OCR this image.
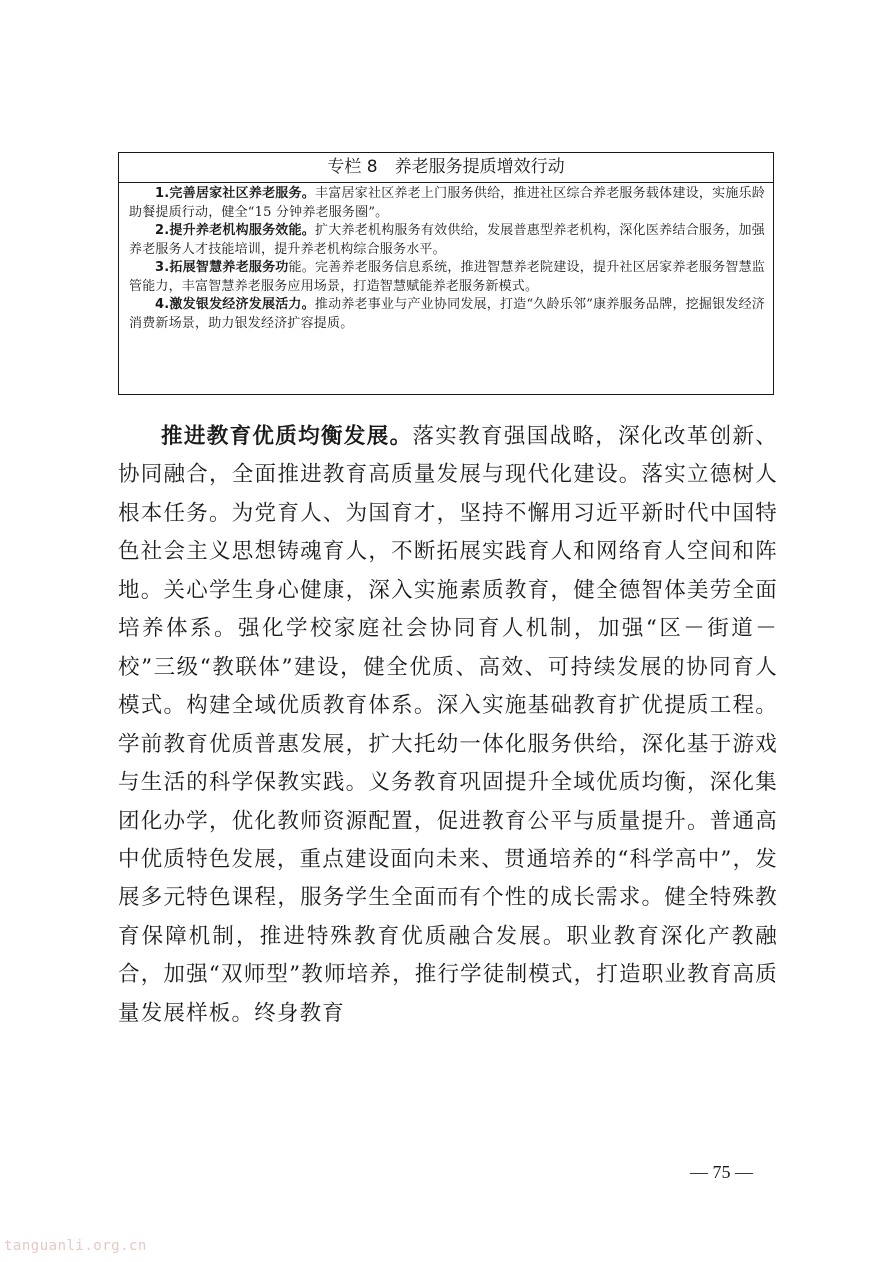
专栏 8　养老服务提质增效行动

1.完善居家社区养老服务。丰富居家社区养老上门服务供给，推进社区综合养老服务载体建设，实施乐龄助餐提质行动，健全“15 分钟养老服务圈”。

2.提升养老机构服务效能。扩大养老机构服务有效供给，发展普惠型养老机构，深化医养结合服务，加强养老服务人才技能培训，提升养老机构综合服务水平。

3.拓展智慧养老服务功能。完善养老服务信息系统，推进智慧养老院建设，提升社区居家养老服务智慧监管能力，丰富智慧养老服务应用场景，打造智慧赋能养老服务新模式。

4.激发银发经济发展活力。推动养老事业与产业协同发展，打造“久龄乐邻”康养服务品牌，挖掘银发经济消费新场景，助力银发经济扩容提质。

推进教育优质均衡发展。落实教育强国战略，深化改革创新、协同融合，全面推进教育高质量发展与现代化建设。落实立德树人根本任务。为党育人、为国育才，坚持不懈用习近平新时代中国特色社会主义思想铸魂育人，不断拓展实践育人和网络育人空间和阵地。关心学生身心健康，深入实施素质教育，健全德智体美劳全面培养体系。强化学校家庭社会协同育人机制，加强“区－街道－校”三级“教联体”建设，健全优质、高效、可持续发展的协同育人模式。构建全域优质教育体系。深入实施基础教育扩优提质工程。学前教育优质普惠发展，扩大托幼一体化服务供给，深化基于游戏与生活的科学保教实践。义务教育巩固提升全域优质均衡，深化集团化办学，优化教师资源配置，促进教育公平与质量提升。普通高中优质特色发展，重点建设面向未来、贯通培养的“科学高中”，发展多元特色课程，服务学生全面而有个性的成长需求。健全特殊教育保障机制，推进特殊教育优质融合发展。职业教育深化产教融合，加强“双师型”教师培养，推行学徒制模式，打造职业教育高质量发展样板。终身教育

— 75 —
tanguanli.org.cn
